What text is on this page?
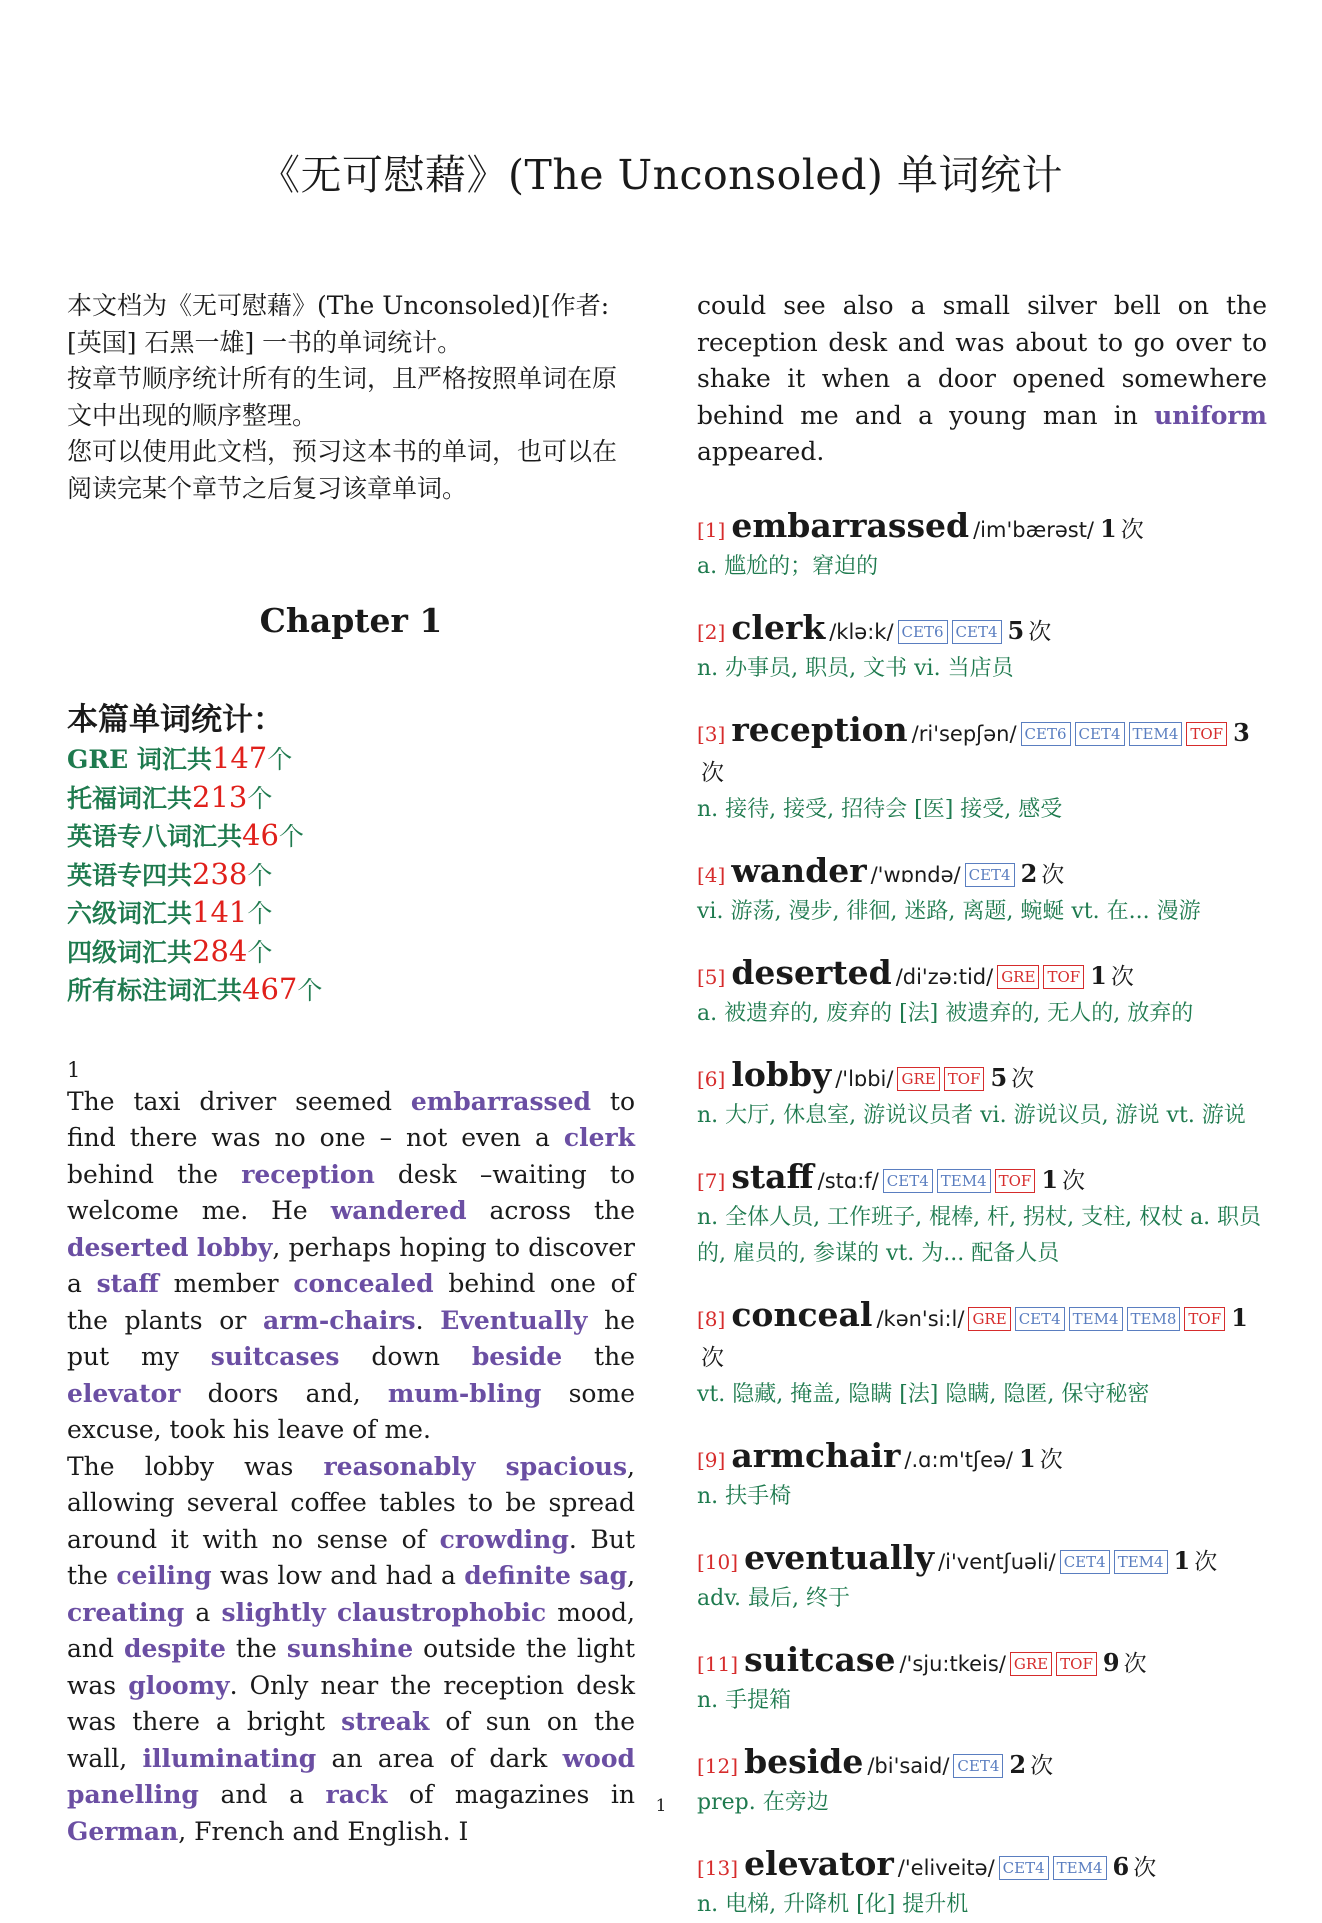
《无可慰藉》(The Unconsoled) 单词统计
本文档为《无可慰藉》(The Unconsoled)[作者:[英国] 石黑一雄] 一书的单词统计。
按章节顺序统计所有的生词，且严格按照单词在原文中出现的顺序整理。
您可以使用此文档，预习这本书的单词，也可以在阅读完某个章节之后复习该章单词。
Chapter 1
本篇单词统计：
GRE 词汇共147个
托福词汇共213个
英语专八词汇共46个
英语专四共238个
六级词汇共141个
四级词汇共284个
所有标注词汇共467个
1

The taxi driver seemed embarrassed to find there was no one – not even a clerk behind the reception desk –waiting to welcome me. He wandered across the deserted lobby, perhaps hoping to discover a staff member concealed behind one of the plants or arm-chairs. Eventually he put my suitcases down beside the elevator doors and, mum-bling some excuse, took his leave of me.

The lobby was reasonably spacious, allowing several coffee tables to be spread around it with no sense of crowding. But the ceiling was low and had a definite sag, creating a slightly claustrophobic mood, and despite the sunshine outside the light was gloomy. Only near the reception desk was there a bright streak of sun on the wall, illuminating an area of dark wood panelling and a rack of magazines in German, French and English. I

could see also a small silver bell on the reception desk and was about to go over to shake it when a door opened somewhere behind me and a young man in uniform appeared.

[1] embarrassed /im'bærəst/ 1 次
a. 尴尬的；窘迫的
[2] clerk /klə:k/ CET6 CET4 5 次
n. 办事员, 职员, 文书 vi. 当店员
[3] reception /ri'sepʃən/ CET6 CET4 TEM4 TOF 3次
n. 接待, 接受, 招待会 [医] 接受, 感受
[4] wander /'wɒndə/ CET4 2 次
vi. 游荡, 漫步, 徘徊, 迷路, 离题, 蜿蜒 vt. 在... 漫游
[5] deserted /di'zə:tid/ GRE TOF 1 次
a. 被遗弃的, 废弃的 [法] 被遗弃的, 无人的, 放弃的
[6] lobby /'lɒbi/ GRE TOF 5 次
n. 大厅, 休息室, 游说议员者 vi. 游说议员, 游说 vt. 游说
[7] staff /stɑ:f/ CET4 TEM4 TOF 1 次
n. 全体人员, 工作班子, 棍棒, 杆, 拐杖, 支柱, 权杖 a. 职员的, 雇员的, 参谋的 vt. 为... 配备人员
[8] conceal /kən'si:l/ GRE CET4 TEM4 TEM8 TOF 1次
vt. 隐藏, 掩盖, 隐瞒 [法] 隐瞒, 隐匿, 保守秘密
[9] armchair /.ɑ:m'tʃeə/ 1 次
n. 扶手椅
[10] eventually /i'ventʃuəli/ CET4 TEM4 1 次
adv. 最后, 终于
[11] suitcase /'sju:tkeis/ GRE TOF 9 次
n. 手提箱
[12] beside /bi'said/ CET4 2 次
prep. 在旁边
[13] elevator /'eliveitə/ CET4 TEM4 6 次
n. 电梯, 升降机 [化] 提升机
1
